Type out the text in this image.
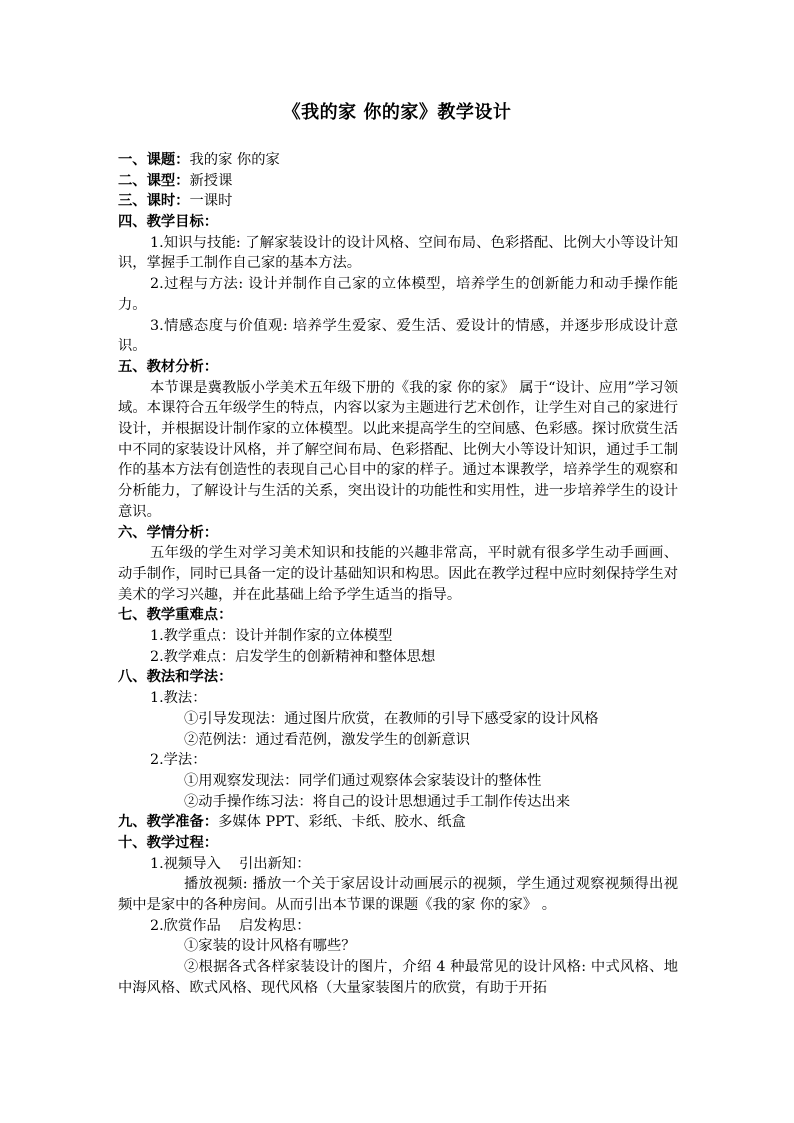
《我的家 你的家》教学设计
一、课题：我的家 你的家
二、课型：新授课
三、课时：一课时
四、教学目标：
1.知识与技能: 了解家装设计的设计风格、空间布局、色彩搭配、比例大小等设计知识，掌握手工制作自己家的基本方法。
2.过程与方法: 设计并制作自己家的立体模型，培养学生的创新能力和动手操作能力。
3.情感态度与价值观: 培养学生爱家、爱生活、爱设计的情感，并逐步形成设计意识。
五、教材分析：
本节课是冀教版小学美术五年级下册的《我的家 你的家》 属于“设计、应用”学习领域。本课符合五年级学生的特点，内容以家为主题进行艺术创作，让学生对自己的家进行设计，并根据设计制作家的立体模型。以此来提高学生的空间感、色彩感。探讨欣赏生活中不同的家装设计风格，并了解空间布局、色彩搭配、比例大小等设计知识，通过手工制作的基本方法有创造性的表现自己心目中的家的样子。通过本课教学，培养学生的观察和分析能力，了解设计与生活的关系，突出设计的功能性和实用性，进一步培养学生的设计意识。
六、学情分析：
五年级的学生对学习美术知识和技能的兴趣非常高，平时就有很多学生动手画画、动手制作，同时已具备一定的设计基础知识和构思。因此在教学过程中应时刻保持学生对美术的学习兴趣，并在此基础上给予学生适当的指导。
七、教学重难点：
1.教学重点：设计并制作家的立体模型
2.教学难点：启发学生的创新精神和整体思想
八、教法和学法：
1.教法：
①引导发现法：通过图片欣赏，在教师的引导下感受家的设计风格
②范例法：通过看范例，激发学生的创新意识
2.学法：
①用观察发现法：同学们通过观察体会家装设计的整体性
②动手操作练习法：将自己的设计思想通过手工制作传达出来
九、教学准备：多媒体 PPT、彩纸、卡纸、胶水、纸盒
十、教学过程：
1.视频导入    引出新知：
播放视频: 播放一个关于家居设计动画展示的视频，学生通过观察视频得出视频中是家中的各种房间。从而引出本节课的课题《我的家 你的家》 。
2.欣赏作品    启发构思：
①家装的设计风格有哪些？
②根据各式各样家装设计的图片，介绍 4 种最常见的设计风格: 中式风格、地中海风格、欧式风格、现代风格（大量家装图片的欣赏，有助于开拓
